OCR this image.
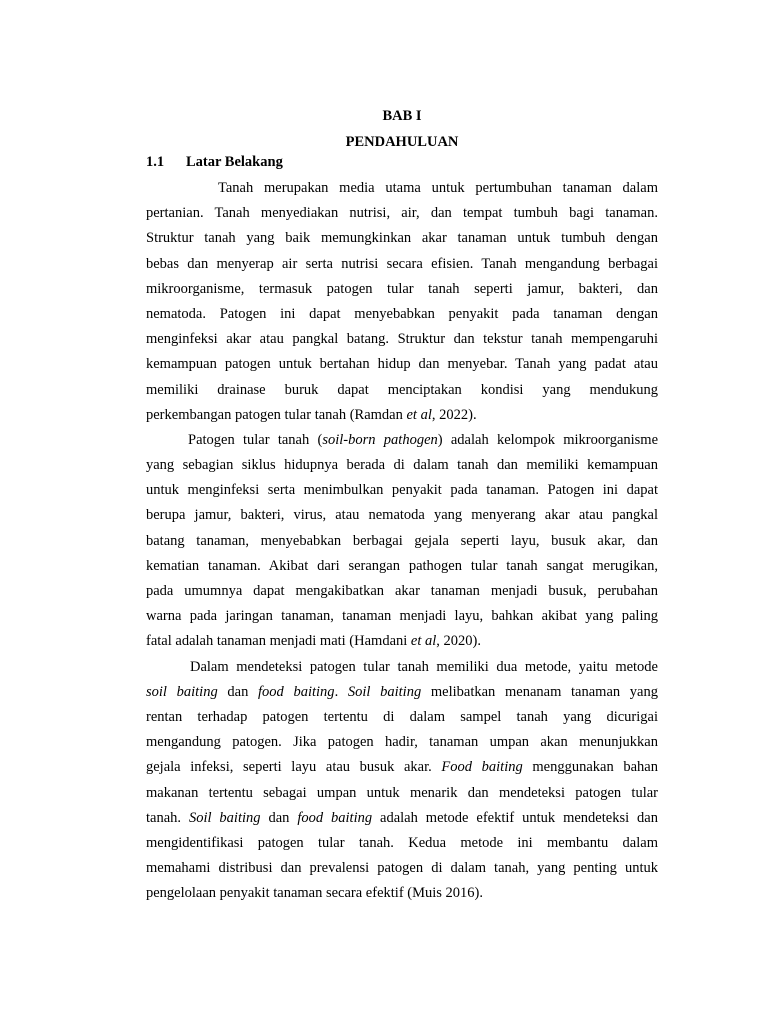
BAB I
PENDAHULUAN
1.1 Latar Belakang
Tanah merupakan media utama untuk pertumbuhan tanaman dalam
pertanian. Tanah menyediakan nutrisi, air, dan tempat tumbuh bagi tanaman.
Struktur tanah yang baik memungkinkan akar tanaman untuk tumbuh dengan
bebas dan menyerap air serta nutrisi secara efisien. Tanah mengandung berbagai
mikroorganisme, termasuk patogen tular tanah seperti jamur, bakteri, dan
nematoda. Patogen ini dapat menyebabkan penyakit pada tanaman dengan
menginfeksi akar atau pangkal batang. Struktur dan tekstur tanah mempengaruhi
kemampuan patogen untuk bertahan hidup dan menyebar. Tanah yang padat atau
memiliki drainase buruk dapat menciptakan kondisi yang mendukung
perkembangan patogen tular tanah (Ramdan et al, 2022).
Patogen tular tanah (soil-born pathogen) adalah kelompok mikroorganisme
yang sebagian siklus hidupnya berada di dalam tanah dan memiliki kemampuan
untuk menginfeksi serta menimbulkan penyakit pada tanaman. Patogen ini dapat
berupa jamur, bakteri, virus, atau nematoda yang menyerang akar atau pangkal
batang tanaman, menyebabkan berbagai gejala seperti layu, busuk akar, dan
kematian tanaman. Akibat dari serangan pathogen tular tanah sangat merugikan,
pada umumnya dapat mengakibatkan akar tanaman menjadi busuk, perubahan
warna pada jaringan tanaman, tanaman menjadi layu, bahkan akibat yang paling
fatal adalah tanaman menjadi mati (Hamdani et al, 2020).
Dalam mendeteksi patogen tular tanah memiliki dua metode, yaitu metode
soil baiting dan food baiting. Soil baiting melibatkan menanam tanaman yang
rentan terhadap patogen tertentu di dalam sampel tanah yang dicurigai
mengandung patogen. Jika patogen hadir, tanaman umpan akan menunjukkan
gejala infeksi, seperti layu atau busuk akar. Food baiting menggunakan bahan
makanan tertentu sebagai umpan untuk menarik dan mendeteksi patogen tular
tanah. Soil baiting dan food baiting adalah metode efektif untuk mendeteksi dan
mengidentifikasi patogen tular tanah. Kedua metode ini membantu dalam
memahami distribusi dan prevalensi patogen di dalam tanah, yang penting untuk
pengelolaan penyakit tanaman secara efektif (Muis 2016).
